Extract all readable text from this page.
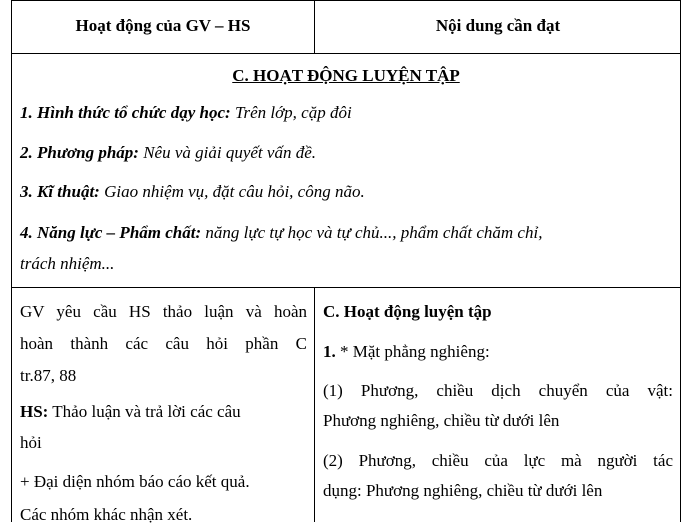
Hoạt động của GV – HS	Nội dung cần đạt
C. HOẠT ĐỘNG LUYỆN TẬP
1. Hình thức tổ chức dạy học: Trên lớp, cặp đôi
2. Phương pháp: Nêu và giải quyết vấn đề.
3. Kĩ thuật: Giao nhiệm vụ, đặt câu hỏi, công não.
4. Năng lực – Phẩm chất: năng lực tự học và tự chủ..., phẩm chất chăm chỉ,
trách nhiệm...
GV yêu cầu HS thảo luận và hoàn
hoàn thành các câu hỏi phần C
tr.87, 88
HS: Thảo luận và trả lời các câu
hỏi
+ Đại diện nhóm báo cáo kết quả.
Các nhóm khác nhận xét.
C. Hoạt động luyện tập
1. * Mặt phẳng nghiêng:
(1) Phương, chiều dịch chuyển của vật:
Phương nghiêng, chiều từ dưới lên
(2) Phương, chiều của lực mà người tác
dụng: Phương nghiêng, chiều từ dưới lên
